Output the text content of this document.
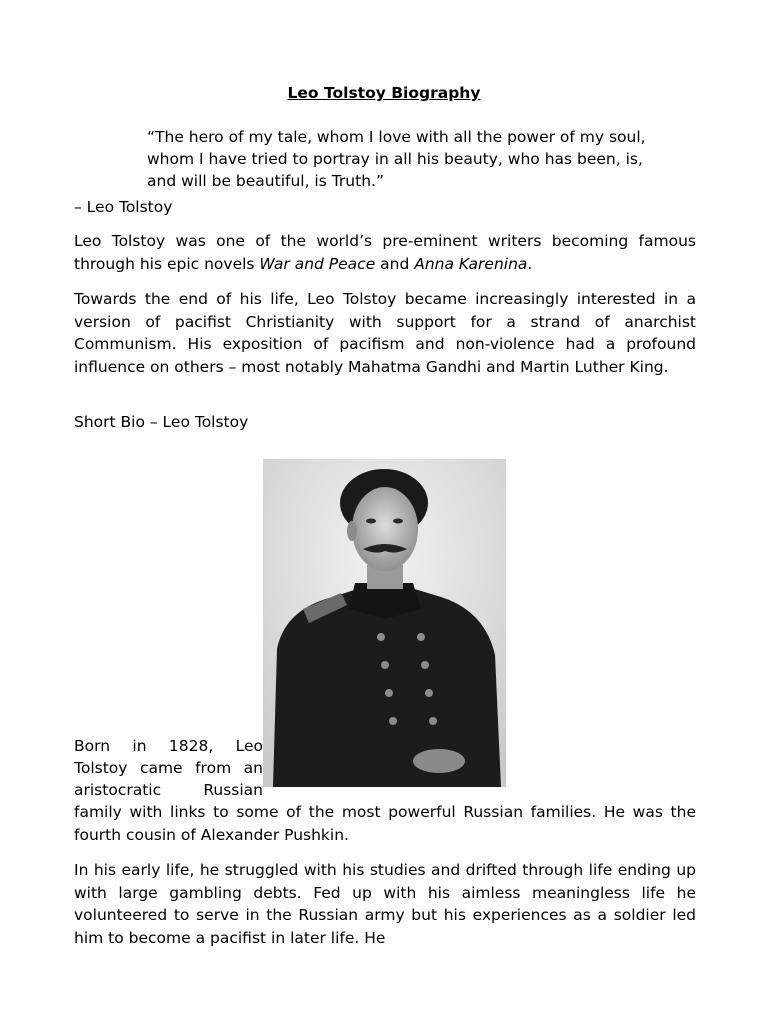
Leo Tolstoy Biography

“The hero of my tale, whom I love with all the power of my soul, whom I have tried to portray in all his beauty, who has been, is, and will be beautiful, is Truth.”

– Leo Tolstoy

Leo Tolstoy was one of the world’s pre-eminent writers becoming famous through his epic novels War and Peace and Anna Karenina.

Towards the end of his life, Leo Tolstoy became increasingly interested in a version of pacifist Christianity with support for a strand of anarchist Communism. His exposition of pacifism and non-violence had a profound influence on others – most notably Mahatma Gandhi and Martin Luther King.

Short Bio – Leo Tolstoy

Born in 1828, Leo

Tolstoy came from an

aristocratic Russian

family with links to some of the most powerful Russian families. He was the fourth cousin of Alexander Pushkin.

In his early life, he struggled with his studies and drifted through life ending up with large gambling debts. Fed up with his aimless meaningless life he volunteered to serve in the Russian army but his experiences as a soldier led him to become a pacifist in later life. He
